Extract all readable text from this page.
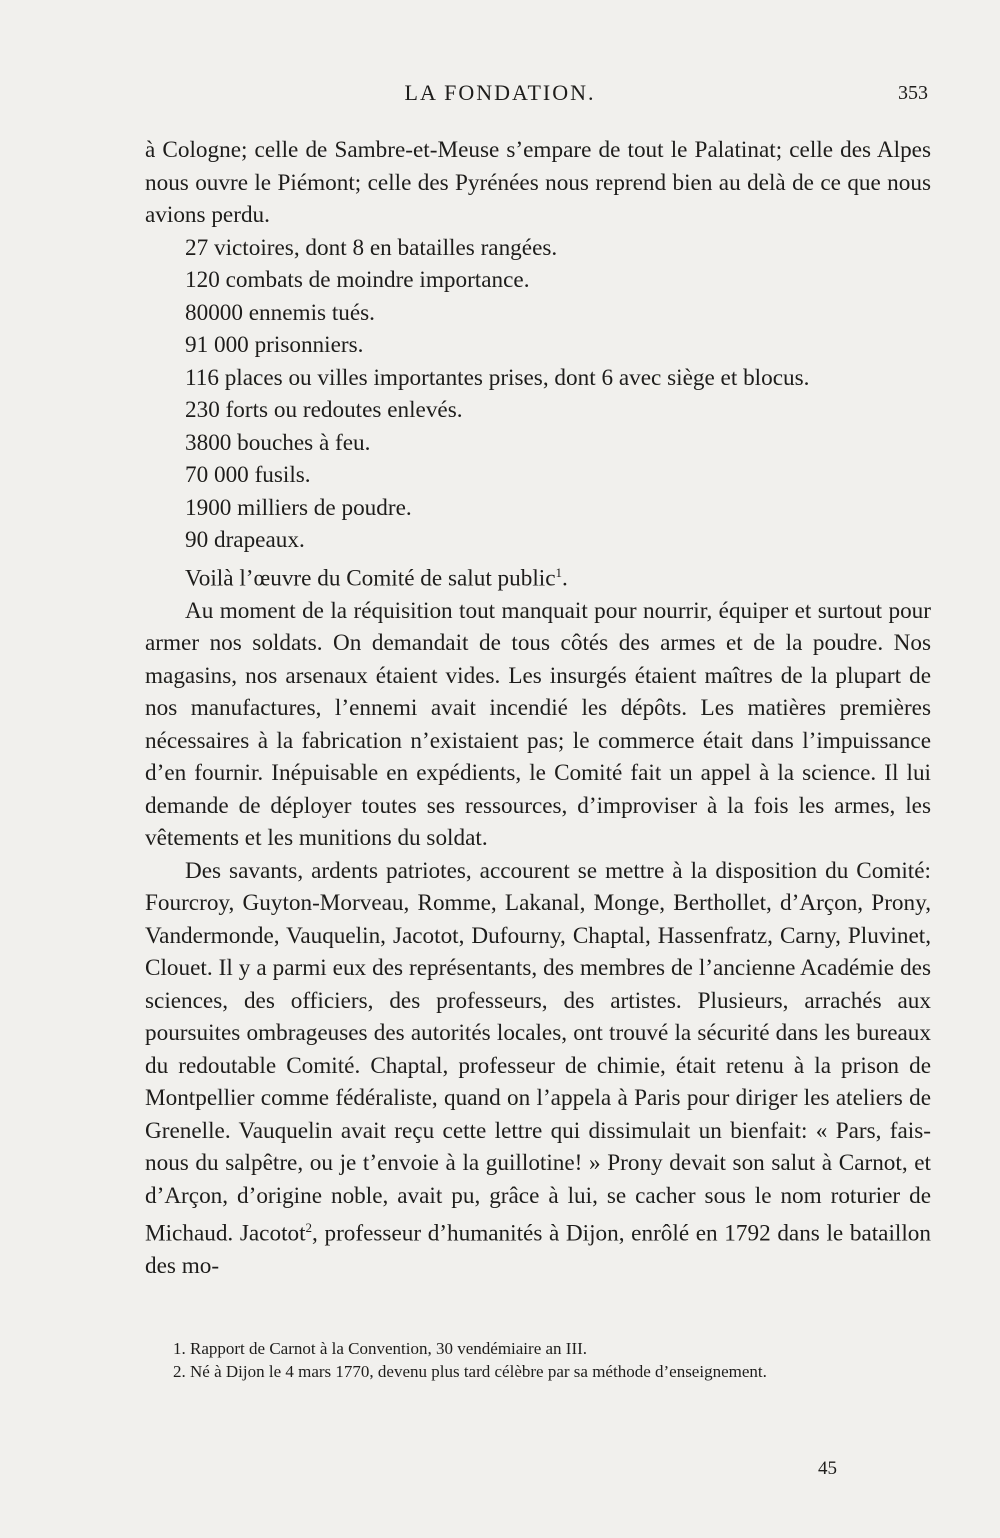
LA FONDATION.	353

à Cologne; celle de Sambre-et-Meuse s’empare de tout le Palatinat; celle des Alpes nous ouvre le Piémont; celle des Pyrénées nous reprend bien au delà de ce que nous avions perdu.

27 victoires, dont 8 en batailles rangées.

120 combats de moindre importance.

80000 ennemis tués.

91 000 prisonniers.

116 places ou villes importantes prises, dont 6 avec siège et blocus.

230 forts ou redoutes enlevés.

3800 bouches à feu.

70 000 fusils.

1900 milliers de poudre.

90 drapeaux.

Voilà l’œuvre du Comité de salut public$^1$.

Au moment de la réquisition tout manquait pour nourrir, équiper et surtout pour armer nos soldats. On demandait de tous côtés des armes et de la poudre. Nos magasins, nos arsenaux étaient vides. Les insurgés étaient maîtres de la plupart de nos manufactures, l’ennemi avait incendié les dépôts. Les matières premières nécessaires à la fabrication n’existaient pas; le commerce était dans l’impuissance d’en fournir. Inépuisable en expédients, le Comité fait un appel à la science. Il lui demande de déployer toutes ses ressources, d’improviser à la fois les armes, les vêtements et les munitions du soldat.

Des savants, ardents patriotes, accourent se mettre à la disposition du Comité: Fourcroy, Guyton-Morveau, Romme, Lakanal, Monge, Berthollet, d’Arçon, Prony, Vandermonde, Vauquelin, Jacotot, Dufourny, Chaptal, Hassenfratz, Carny, Pluvinet, Clouet. Il y a parmi eux des représentants, des membres de l’ancienne Académie des sciences, des officiers, des professeurs, des artistes. Plusieurs, arrachés aux poursuites ombrageuses des autorités locales, ont trouvé la sécurité dans les bureaux du redoutable Comité. Chaptal, professeur de chimie, était retenu à la prison de Montpellier comme fédéraliste, quand on l’appela à Paris pour diriger les ateliers de Grenelle. Vauquelin avait reçu cette lettre qui dissimulait un bienfait: « Pars, fais-nous du salpêtre, ou je t’envoie à la guillotine! » Prony devait son salut à Carnot, et d’Arçon, d’origine noble, avait pu, grâce à lui, se cacher sous le nom roturier de Michaud. Jacotot$^2$, professeur d’humanités à Dijon, enrôlé en 1792 dans le bataillon des mo-

1. Rapport de Carnot à la Convention, 30 vendémiaire an III.

2. Né à Dijon le 4 mars 1770, devenu plus tard célèbre par sa méthode d’enseignement.

45
